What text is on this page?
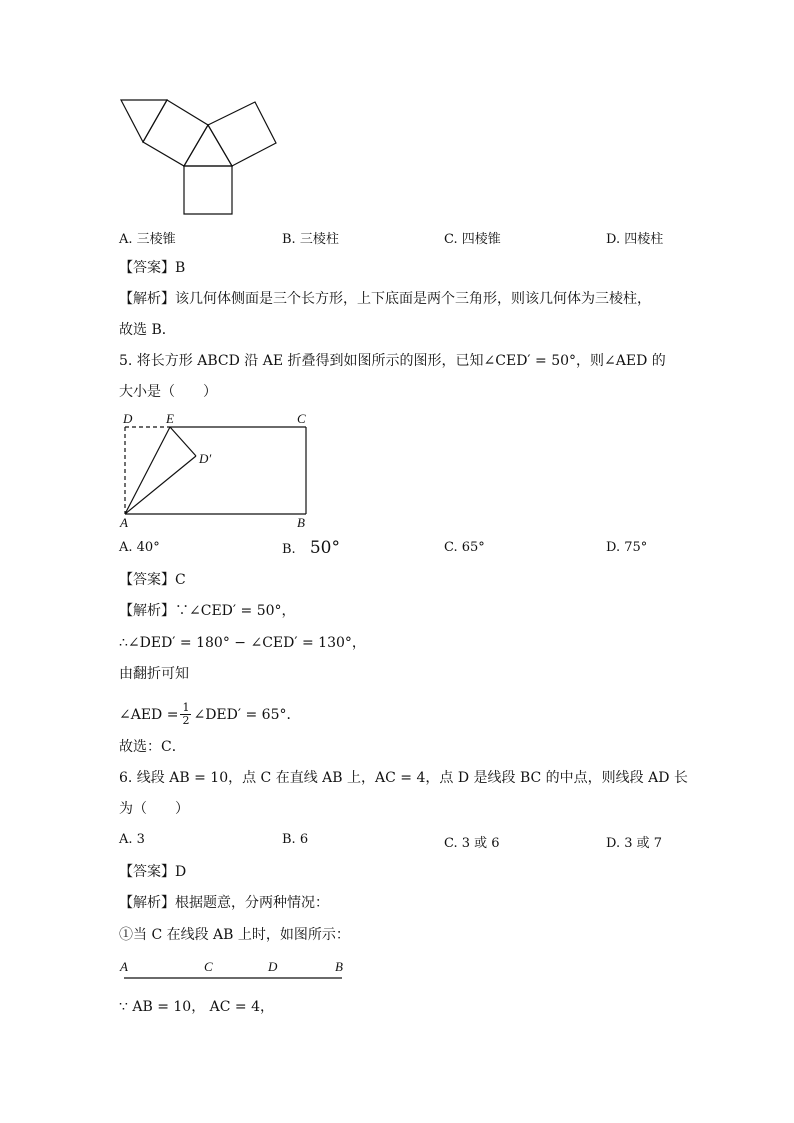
A. 三棱锥	B. 三棱柱	C. 四棱锥	D. 四棱柱
【答案】B
【解析】该几何体侧面是三个长方形，上下底面是两个三角形，则该几何体为三棱柱，
故选 B．
5. 将长方形 ABCD 沿 AE 折叠得到如图所示的图形，已知∠CED′ = 50°，则∠AED 的
大小是（　　）
D	E	C
D′
A	B
A. 40°	B. 50°	C. 65°	D. 75°
【答案】C
【解析】∵∠CED′ = 50°，
∴∠DED′ = 180° − ∠CED′ = 130°，
由翻折可知
∠AED = $\frac{1}{2}$ ∠DED′ = 65°．
故选：C．
6. 线段 AB = 10，点 C 在直线 AB 上，AC = 4，点 D 是线段 BC 的中点，则线段 AD 长
为（　　）
A. 3	B. 6	C. 3 或 6	D. 3 或 7
【答案】D
【解析】根据题意，分两种情况：
①当 C 在线段 AB 上时，如图所示：
A	C	D	B
∵ AB = 10， AC = 4，
